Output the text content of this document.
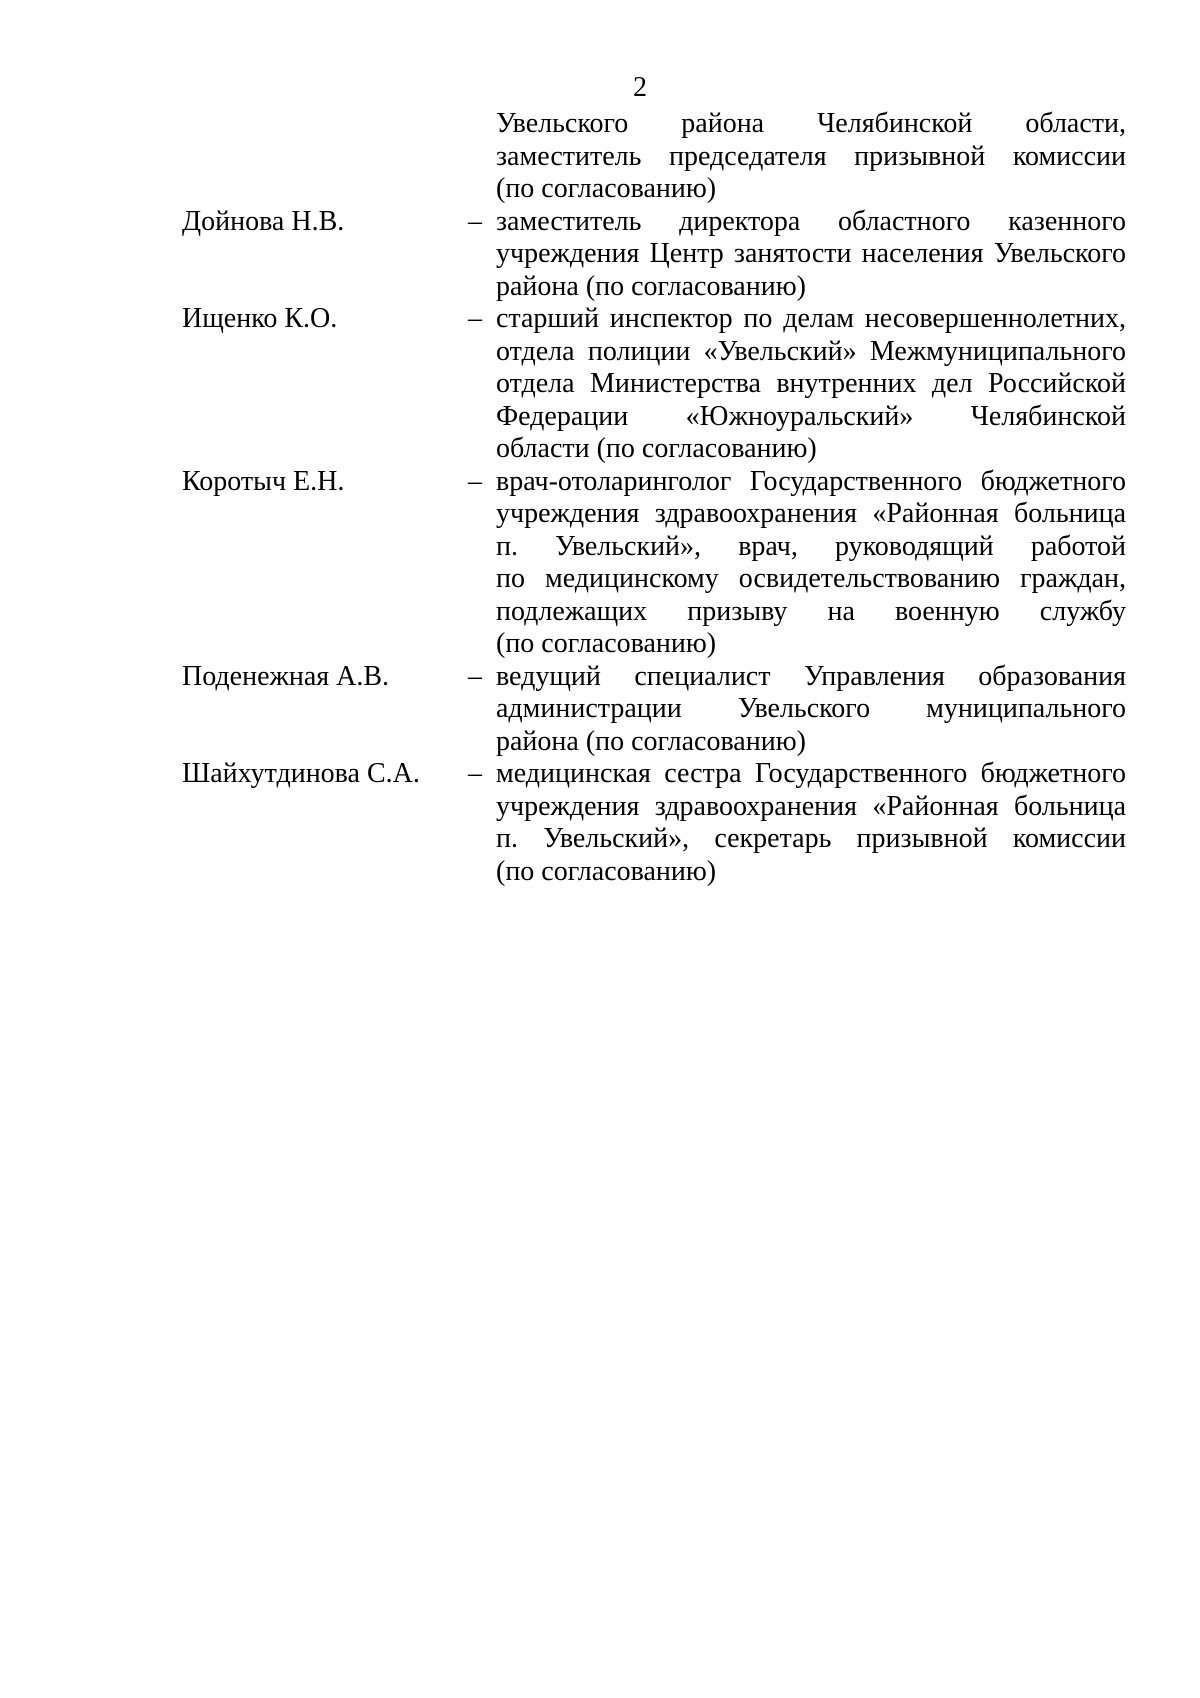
2
Увельского района Челябинской области,
заместитель председателя призывной комиссии
(по согласованию)
Дойнова Н.В.	– заместитель директора областного казенного
учреждения Центр занятости населения Увельского
района (по согласованию)
Ищенко К.О.	– старший инспектор по делам несовершеннолетних,
отдела полиции «Увельский» Межмуниципального
отдела Министерства внутренних дел Российской
Федерации «Южноуральский» Челябинской
области (по согласованию)
Коротыч Е.Н.	– врач-отоларинголог Государственного бюджетного
учреждения здравоохранения «Районная больница
п. Увельский», врач, руководящий работой
по медицинскому освидетельствованию граждан,
подлежащих призыву на военную службу
(по согласованию)
Поденежная А.В.	– ведущий специалист Управления образования
администрации Увельского муниципального
района (по согласованию)
Шайхутдинова С.А.	– медицинская сестра Государственного бюджетного
учреждения здравоохранения «Районная больница
п. Увельский», секретарь призывной комиссии
(по согласованию)
